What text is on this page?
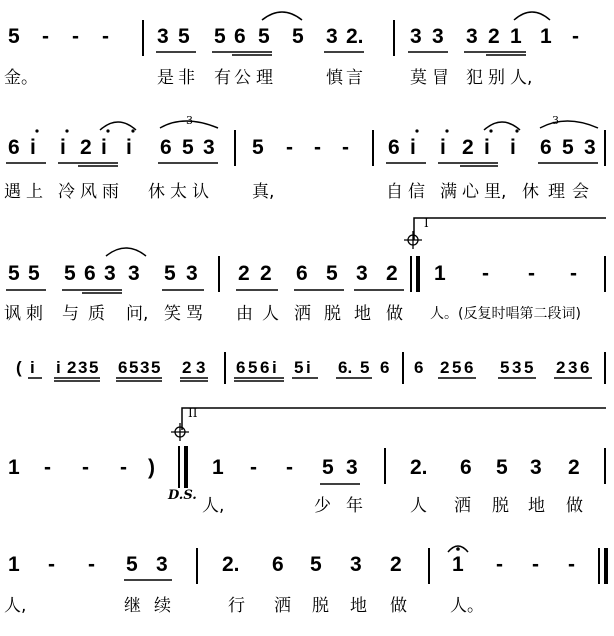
5 - - - 3 5 5 6 5 5 3 2. 3 3 3 2 1 1 -
金。	是 非 有 公 理	慎 言	莫 冒 犯 别 人,
6 i i 2 i i 6 5 3 5 - - - 6 i i 2 i i 6 5 3
遇 上 冷 风 雨 休 太 认	真,	自 信 满 心 里, 休 理 会
5 5 5 6 3 3 5 3 2 2 6 5 3 2 1 - - -
讽 刺 与 质 问, 笑 骂 由 人 洒 脱 地 做 人。(反复时唱第二段词)
( i i 2 3 5 6 5 3 5 2 3 6 5 6 i 5 i 6. 5 6 6 2 5 6 5 3 5 2 3 6
1 - - - )	1 - - 5 3 2. 6 5 3 2
D.S.
人,	少 年	人 洒 脱 地 做
1 - - 5 3	2. 6 5 3 2 1 - - -
人,	继 续	行 洒 脱 地 做	人。
I
II
3	3
